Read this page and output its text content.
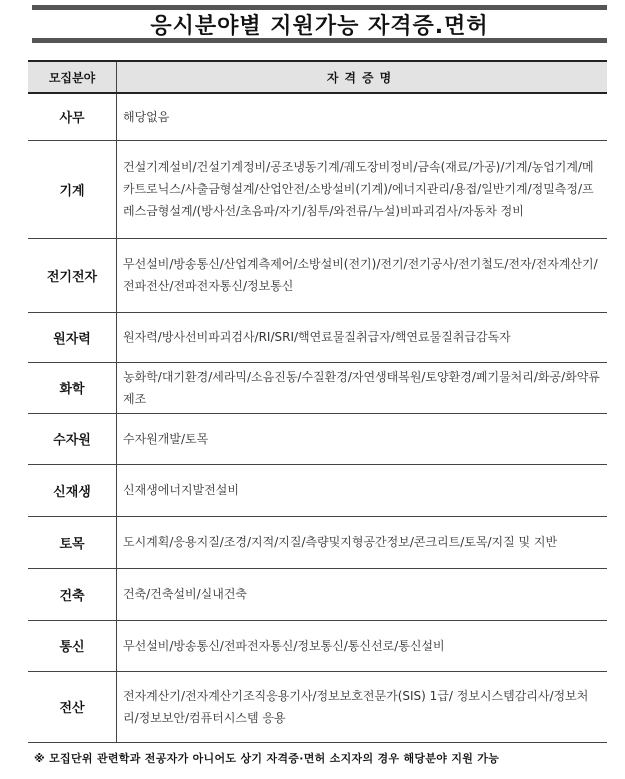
응시분야별 지원가능 자격증.면허
모집분야	자격증명
사무	해당없음
기계	건설기계설비/건설기계정비/공조냉동기계/궤도장비정비/금속(재료/가공)/기계/농업기계/메카트로닉스/사출금형설계/산업안전/소방설비(기계)/에너지관리/용접/일반기계/정밀측정/프레스금형설계/(방사선/초음파/자기/침투/와전류/누설)비파괴검사/자동차 정비
전기전자	무선설비/방송통신/산업계측제어/소방설비(전기)/전기/전기공사/전기철도/전자/전자계산기/전파전산/전파전자통신/정보통신
원자력	원자력/방사선비파괴검사/RI/SRI/핵연료물질취급자/핵연료물질취급감독자
화학	농화학/대기환경/세라믹/소음진동/수질환경/자연생태복원/토양환경/폐기물처리/화공/화약류제조
수자원	수자원개발/토목
신재생	신재생에너지발전설비
토목	도시계획/응용지질/조경/지적/지질/측량및지형공간정보/콘크리트/토목/지질 및 지반
건축	건축/건축설비/실내건축
통신	무선설비/방송통신/전파전자통신/정보통신/통신선로/통신설비
전산	전자계산기/전자계산기조직응용기사/정보보호전문가(SIS) 1급/ 정보시스템감리사/정보처리/정보보안/컴퓨터시스템 응용
※ 모집단위 관련학과 전공자가 아니어도 상기 자격증·면허 소지자의 경우 해당분야 지원 가능
